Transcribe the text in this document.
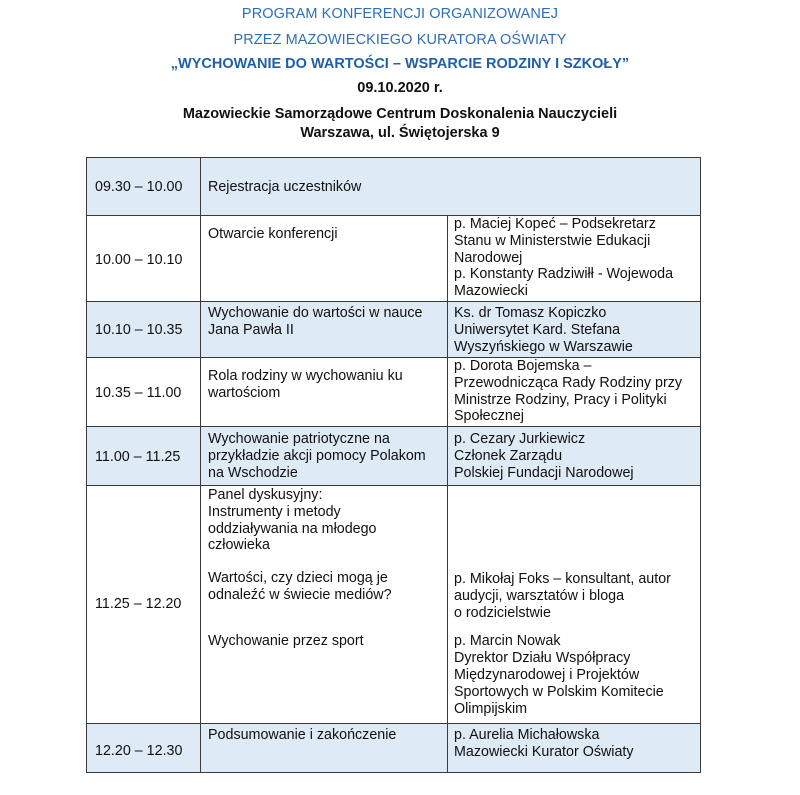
PROGRAM KONFERENCJI ORGANIZOWANEJ
PRZEZ MAZOWIECKIEGO KURATORA OŚWIATY
„WYCHOWANIE DO WARTOŚCI – WSPARCIE RODZINY I SZKOŁY”
09.10.2020 r.
Mazowieckie Samorządowe Centrum Doskonalenia Nauczycieli
Warszawa, ul. Świętojerska 9
09.30 – 10.00 Rejestracja uczestników
10.00 – 10.10
Otwarcie konferencji
p. Maciej Kopeć – Podsekretarz
Stanu w Ministerstwie Edukacji
Narodowej
p. Konstanty Radziwiłł - Wojewoda
Mazowiecki
10.10 – 10.35
Wychowanie do wartości w nauce
Jana Pawła II
Ks. dr Tomasz Kopiczko
Uniwersytet Kard. Stefana
Wyszyńskiego w Warszawie
10.35 – 11.00
Rola rodziny w wychowaniu ku
wartościom
p. Dorota Bojemska –
Przewodnicząca Rady Rodziny przy
Ministrze Rodziny, Pracy i Polityki
Społecznej
11.00 – 11.25
Wychowanie patriotyczne na
przykładzie akcji pomocy Polakom
na Wschodzie
p. Cezary Jurkiewicz
Członek Zarządu
Polskiej Fundacji Narodowej
11.25 – 12.20
Panel dyskusyjny:
Instrumenty i metody
oddziaływania na młodego
człowieka
Wartości, czy dzieci mogą je
odnaleźć w świecie mediów?
Wychowanie przez sport
p. Mikołaj Foks – konsultant, autor
audycji, warsztatów i bloga
o rodzicielstwie
p. Marcin Nowak
Dyrektor Działu Współpracy
Międzynarodowej i Projektów
Sportowych w Polskim Komitecie
Olimpijskim
12.20 – 12.30
Podsumowanie i zakończenie	p. Aurelia Michałowska
Mazowiecki Kurator Oświaty
